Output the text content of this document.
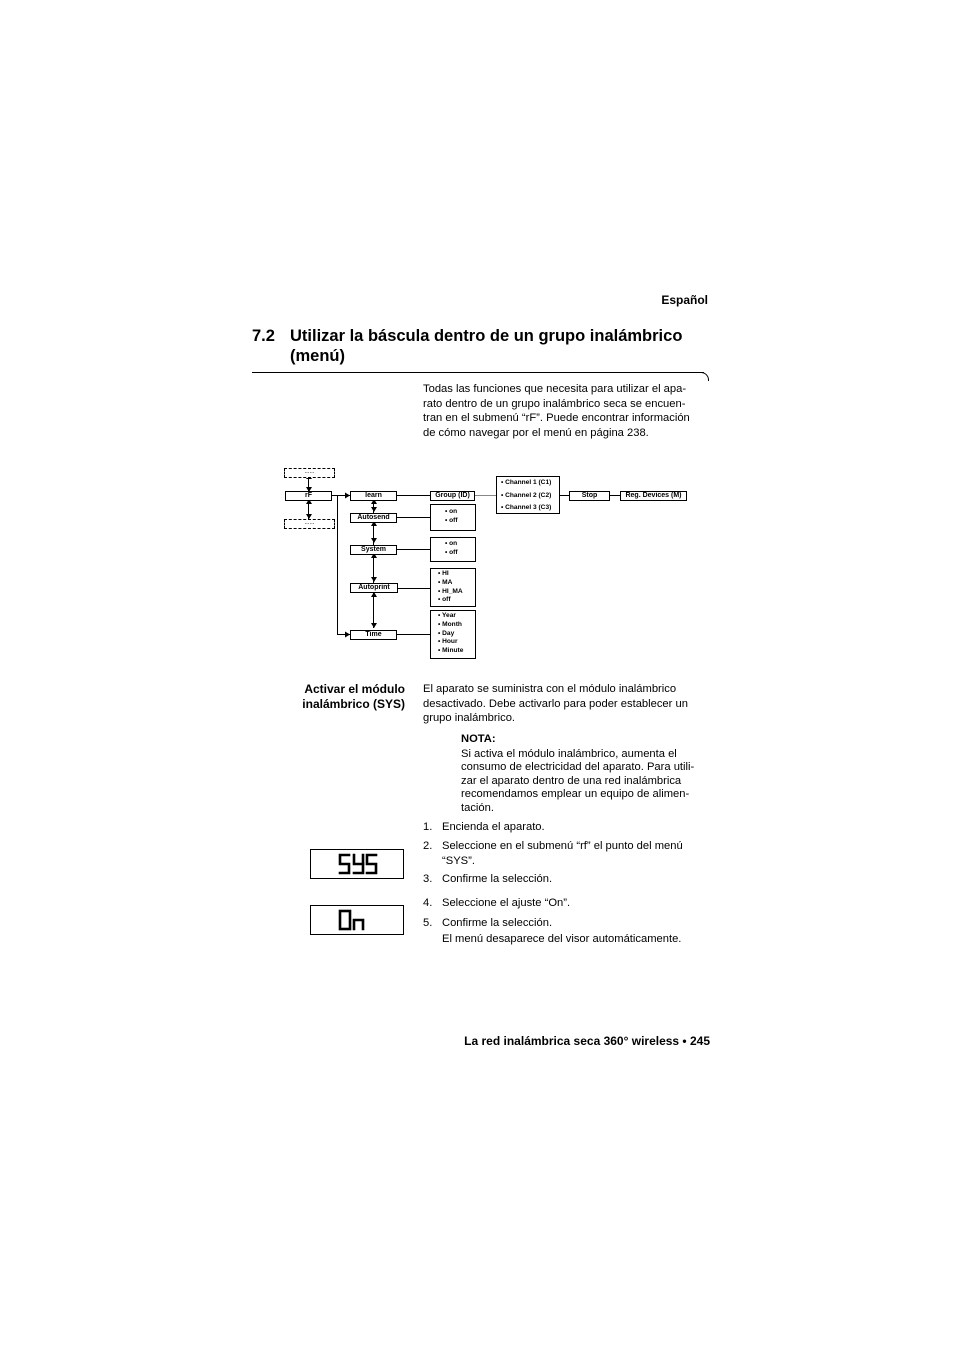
Español
7.2 Utilizar la báscula dentro de un grupo inalámbrico (menú)
Todas las funciones que necesita para utilizar el apa-
rato dentro de un grupo inalámbrico seca se encuen-
tran en el submenú “rF”. Puede encontrar información
de cómo navegar por el menú en página 238.
......
rF
......
learn
Autosend
System
Autoprint
Time
Group (ID)
• Channel 1 (C1)
• Channel 2 (C2)
• Channel 3 (C3)
Stop	Reg. Devices (M)
• on
• off
• on
• off
• HI
• MA
• HI_MA
• off
• Year
• Month
• Day
• Hour
• Minute
Activar el módulo
inalámbrico (SYS)
El aparato se suministra con el módulo inalámbrico
desactivado. Debe activarlo para poder establecer un
grupo inalámbrico.
NOTA:
Si activa el módulo inalámbrico, aumenta el
consumo de electricidad del aparato. Para utili-
zar el aparato dentro de una red inalámbrica
recomendamos emplear un equipo de alimen-
tación.
1. Encienda el aparato.
2. Seleccione en el submenú “rf” el punto del menú
“SYS”.
3. Confirme la selección.
4. Seleccione el ajuste “On”.
5. Confirme la selección.
El menú desaparece del visor automáticamente.
La red inalámbrica seca 360° wireless • 245
